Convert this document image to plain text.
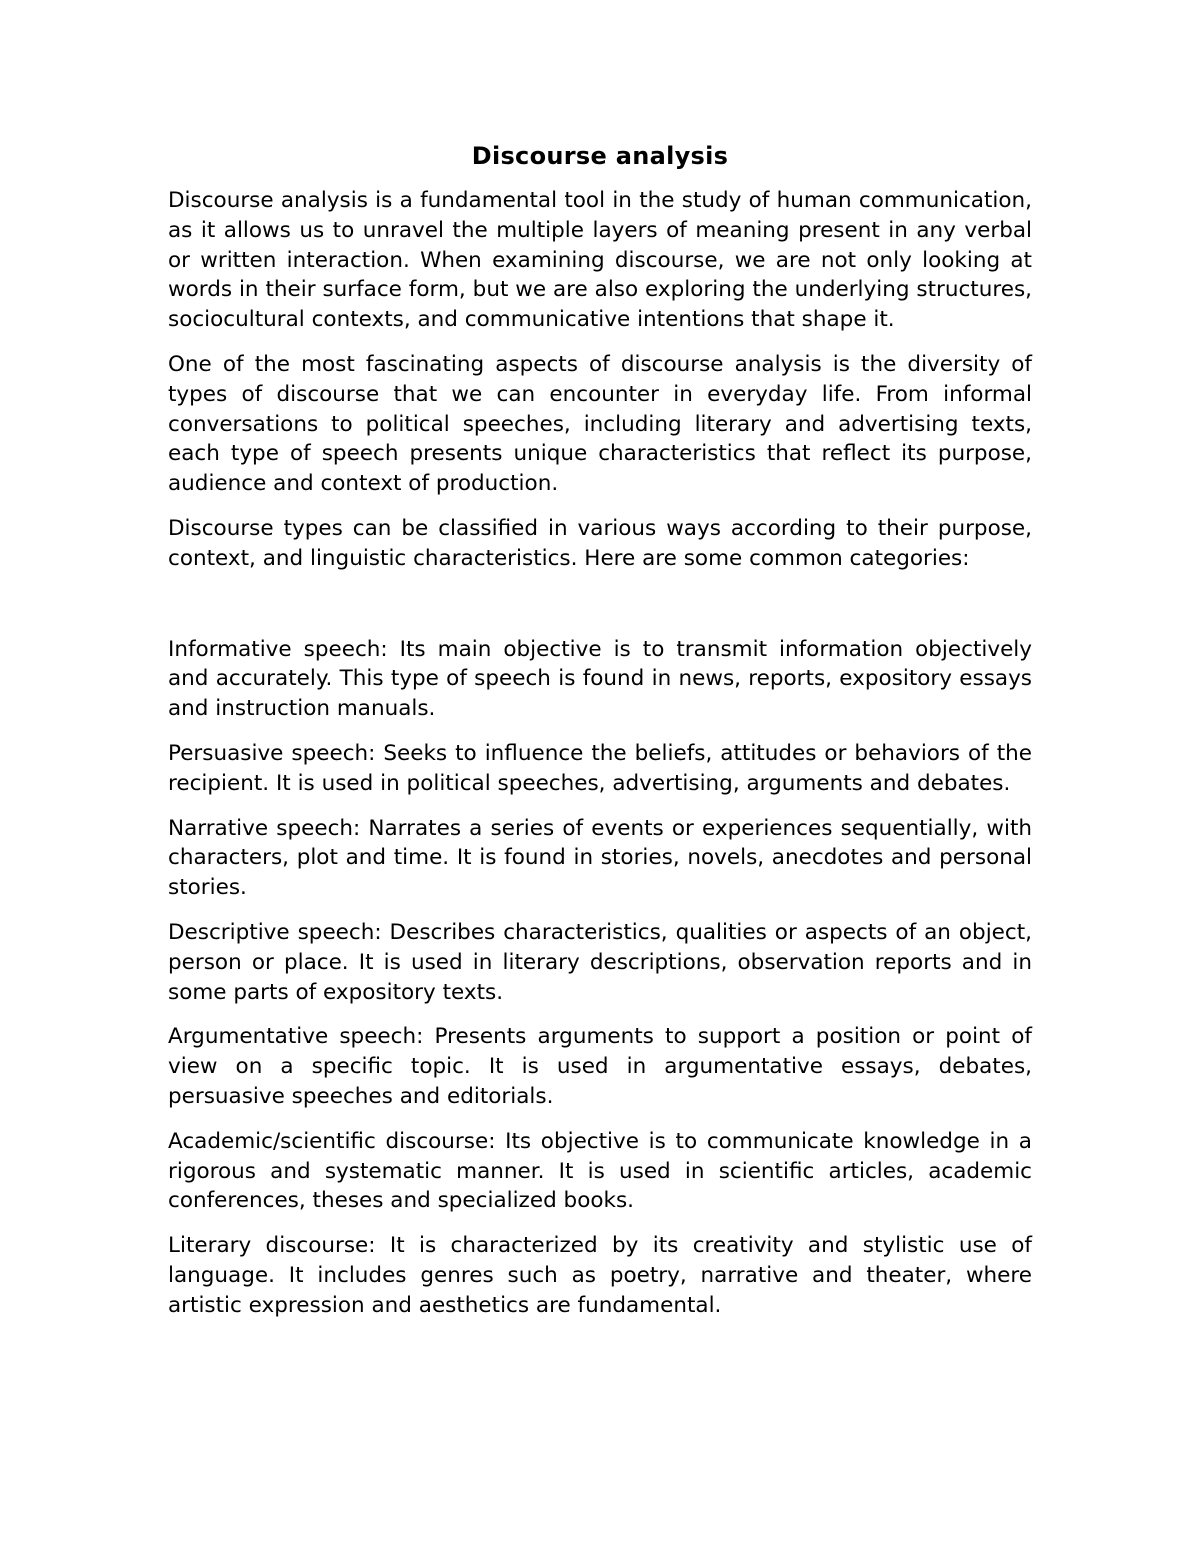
Discourse analysis

Discourse analysis is a fundamental tool in the study of human communication, as it allows us to unravel the multiple layers of meaning present in any verbal or written interaction. When examining discourse, we are not only looking at words in their surface form, but we are also exploring the underlying structures, sociocultural contexts, and communicative intentions that shape it.

One of the most fascinating aspects of discourse analysis is the diversity of types of discourse that we can encounter in everyday life. From informal conversations to political speeches, including literary and advertising texts, each type of speech presents unique characteristics that reflect its purpose, audience and context of production.

Discourse types can be classified in various ways according to their purpose, context, and linguistic characteristics. Here are some common categories:

Informative speech: Its main objective is to transmit information objectively and accurately. This type of speech is found in news, reports, expository essays and instruction manuals.

Persuasive speech: Seeks to influence the beliefs, attitudes or behaviors of the recipient. It is used in political speeches, advertising, arguments and debates.

Narrative speech: Narrates a series of events or experiences sequentially, with characters, plot and time. It is found in stories, novels, anecdotes and personal stories.

Descriptive speech: Describes characteristics, qualities or aspects of an object, person or place. It is used in literary descriptions, observation reports and in some parts of expository texts.

Argumentative speech: Presents arguments to support a position or point of view on a specific topic. It is used in argumentative essays, debates, persuasive speeches and editorials.

Academic/scientific discourse: Its objective is to communicate knowledge in a rigorous and systematic manner. It is used in scientific articles, academic conferences, theses and specialized books.

Literary discourse: It is characterized by its creativity and stylistic use of language. It includes genres such as poetry, narrative and theater, where artistic expression and aesthetics are fundamental.
